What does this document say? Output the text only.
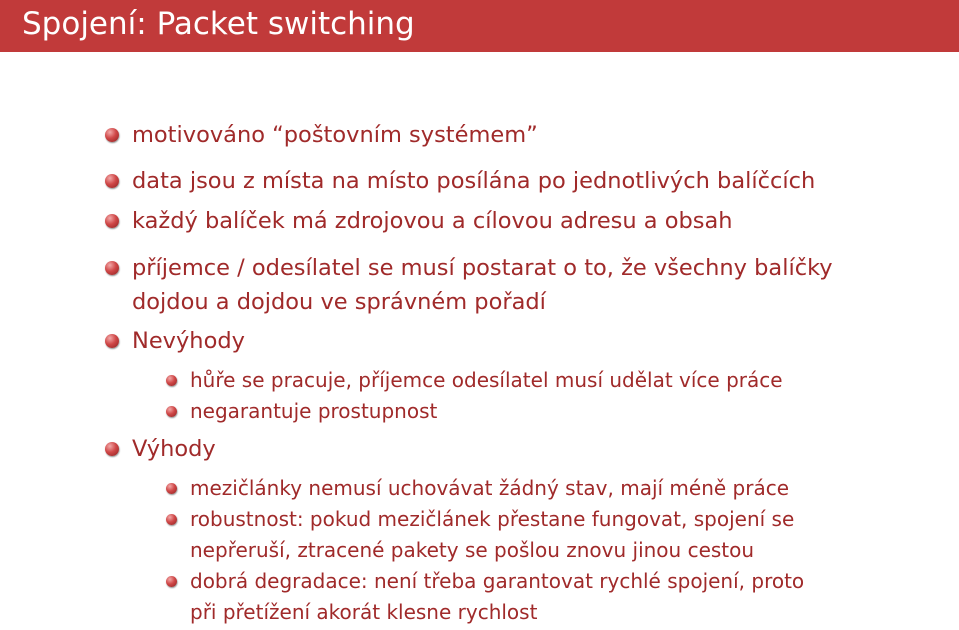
Spojení: Packet switching
motivováno “poštovním systémem”
data jsou z místa na místo posílána po jednotlivých balíčcích
každý balíček má zdrojovou a cílovou adresu a obsah
příjemce / odesílatel se musí postarat o to, že všechny balíčky
dojdou a dojdou ve správném pořadí
Nevýhody
hůře se pracuje, příjemce odesílatel musí udělat více práce
negarantuje prostupnost
Výhody
mezičlánky nemusí uchovávat žádný stav, mají méně práce
robustnost: pokud mezičlánek přestane fungovat, spojení se
nepřeruší, ztracené pakety se pošlou znovu jinou cestou
dobrá degradace: není třeba garantovat rychlé spojení, proto
při přetížení akorát klesne rychlost
